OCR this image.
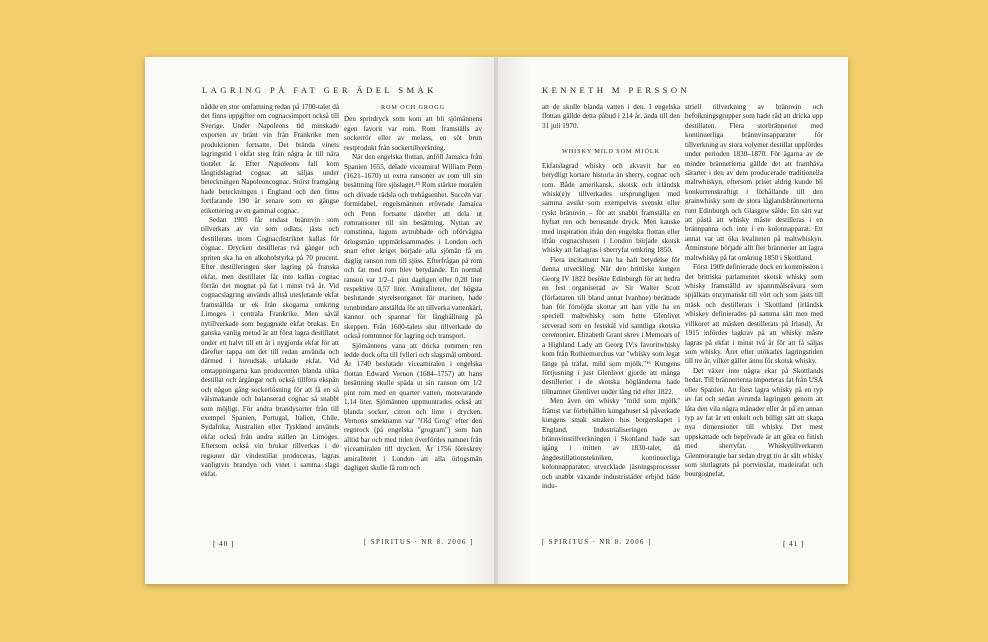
LAGRING PÅ FAT GER ÄDEL SMAK

nådde en stor omfattning redan på 1700-talet då det finns uppgifter om cognacsimport också till Sverige. Under Napoleons tid minskade exporten av bränt vin från Frankrike men produktionen fortsatte. Det brända vinets lagringstid i ekfat steg från några år till nära tiotalet år. Efter Napoleons fall kom långtidslagrad cognac att säljas under beteckningen Napoleoncognac. Störst framgång hade beteckningen i England och den finns fortfarande 190 år senare som en gängse etikettering av en gammal cognac.

Sedan 1905 får endast brännvin som tillverkats av vin som odlats, jästs och destillerats inom Cognacdistriktet kallas för cognac. Drycken destilleras två gånger och spriten ska ha en alkoholstyrka på 70 procent. Efter destilleringen sker lagring på franska ekfat, men destillatet får inte kallas cognac förrän det mognat på fat i minst två år. Vid cognacslagring används alltså uteslutande ekfat framställda ur ek från skogarna omkring Limoges i centrala Frankrike. Men såväl nytillverkade som begagnade ekfat brukas. En ganska vanlig metod är att först lagra destillatet under ett halvt till ett år i nygjorda ekfat för att därefter tappa om det till redan använda och därmed i huvudsak urlakade ekfat. Vid omtappningarna kan producenten blanda olika destillat och årgångar och också tillföra ekspån och någon gång sockerlösning för att få en så välsmakande och balanserad cognac så snabbt som möjligt. För andra brandysorter från till exempel Spanien, Portugal, Italien, Chile, Sydafrika, Australien eller Tyskland används ekfat också från andra ställen än Limoges. Eftersom också vin brukar tillverkas i de regioner där vindestillat produceras, lagras vanligtvis brandyn och vinet i samma slags ekfat.

ROM OCH GROGG

Den spritdryck som kom att bli sjömännens egen favorit var rom. Rom framställs av sockerrör eller av melass, en söt brun restprodukt från sockertillverkning.

När den engelska flottan, anföll Jamaica från Spanien 1655, delade viceamiral William Penn (1621–1670) ut extra ransoner av rom till sin besättning före sjöslaget.¹⁵ Rom stärkte moralen och dövade rädsla och trehågsenhet. Succén var formidabel, engelsmännen erövrade Jamaica och Penn fortsatte därefter att dela ut romransoner till sin besättning. Nyttan av romstinna, lagom avtrubbade och oförvägna örlogsmän uppmärksammades i London och snart efter kriget började alla sjömän få en daglig ranson rom till sjöss. Efterfrågan på rom och fat med rom blev betydande. En normal ranson var 1/2–1 pint dagligen eller 0,28 liter respektive 0,57 liter. Amiralitetet, det högsta beslutande styrelseorganet för marinen, hade tunnbindare anställda för att tillverka vattenkärl, kannor och spannar för långhållning på skeppen. Från 1600-talets slut tillverkade de också romtunnor för lagring och transport.

Sjömännens vana att dricka rommen ren ledde dock ofta till fylleri och slagsmål ombord. År 1740 beslutade viceamiralen i engelska flottan Edward Vernon (1684–1757) att hans besättning skulle späda ut sin ranson om 1/2 pint rom med en quarter vatten, motsvarande 1,14 liter. Sjömännen uppmuntrades också att blanda socker, citron och lime i drycken. Vernons smeknamn var "Old Grog" efter den regnrock (på engelska "grogram") som han alltid bar och med tiden överfördes namnet från viceamiralen till drycken. År 1756 föreskrev amiralitetet i London att alla örlogsmän dagligen skulle få rom och

[ 40 ]	[ SPIRITUS · NR 8. 2006 ]
KENNETH M PERSSON

att de skulle blanda vatten i den. I engelska flottan gällde detta påbud i 214 år, ända till den 31 juli 1970.

WHISKY MILD SOM MJÖLK

Ekfatslagrad whisky och akvavit har en betydligt kortare historia än sherry, cognac och rom. Både amerikansk, skotsk och irländsk whisk(e)y tillverkades ursprungligen med samma avsikt som exempelvis svenskt eller ryskt brännvin – för att snabbt framställa en hyfsat ren och berusande dryck. Men kanske med inspiration ifrån den engelska flottan eller ifrån cognacshusen i London började skotsk whisky att fatlagras i sherryfat omkring 1850.

Flera incitament kan ha haft betydelse för denna utveckling. När den brittiske kungen Georg IV 1822 besökte Edinburgh för att hedra en fest organiserad av Sir Walter Scott (författaren till bland annat Ivanhoe) berättade han för förnöjda skottar att han ville ha en speciell maltwhisky som hette Glenlivet serverad som en festskål vid samtliga skotska ceremonier. Elizabeth Grant skrev i Memoars of a Highland Lady att Georg IV:s favoritwhisky kom från Rothiemurchus var "whisky som legat länge på träfat, mild som mjölk."¹⁶ Kungens förtjusning i just Glenlivet gjorde att många destillerier i de skotska högländerna hade tillnamnet Glenlivet under lång tid efter 1822.

Men även om whisky "mild som mjölk" främst var förbehållen kungahuset så påverkade kungens smak smaken hos borgerskapet i England. Industrialiseringen av brännvinstillverkningen i Skottland hade satt igång i mitten av 1830-talet, då ångdestillationstekniken, kontinuerliga kolonnapparater, utvecklade jäsningsprocesser och snabbt växande industristäder erbjöd bäde indu-

striell tillverkning av brännvin och befolkningsgrupper som hade råd att dricka upp destillaten. Flera storbrännerier med kontinuerliga brännvinsapparater för tillverkning av stora volymer destillat uppfördes under perioden 1830–1870. För ägarna av de mindre brännerierna gällde det att framhäva särarter i den av dem producerade traditionella maltwhiskyn, eftersom priset aldrig kunde bli konkurrenskraftigt i förhållande till den grainwhisky som de stora låglandsbrännerierna runt Edinburgh och Glasgow sålde. Ett sätt var att påstå att whisky måste destilleras i en brännpanna och inte i en kolonnapparat. Ett annat var att öka kvaliteten på maltwhiskyn. Åtminstone började allt fler brännerier att lagra maltwhisky på fat omkring 1850 i Skottland.

Först 1909 definierade dock en kommission i det brittiska parlamentet skotsk whisky som whisky framställd av spannmålsråvara som spjälkats enzymatiskt till vört och som jästs till mäsk och destillerats i Skottland (irländsk whiskey definierades på samma sätt men med villkoret att mäsken destillerats på Irland). År 1915 infördes lagkrav på att whisky måste lagras på ekfat i minst två år för att få säljas som whisky. Året efter utökades lagringstiden till tre år, vilket gäller ännu för skotsk whisky.

Det växer inte några ekar på Skottlands hedar. Till brännerierna importeras fat från USA eller Spanien. Att först lagra whisky på en typ av fat och sedan avrunda lagringen genom att låta den vila några månader eller år på en annan typ av fat är ett enkelt och billigt sätt att skapa nya dimensioner till whisky. Det mest uppskattade och beprövade är att göra en finish med sherryfat. Whiskytillverkaren Glenmorangie har sedan drygt tio år sålt whisky som slutlagrats på portvinsfat, madeirafat och bourgognefat,

[ SPIRITUS · NR 8. 2006 ]	[ 41 ]
